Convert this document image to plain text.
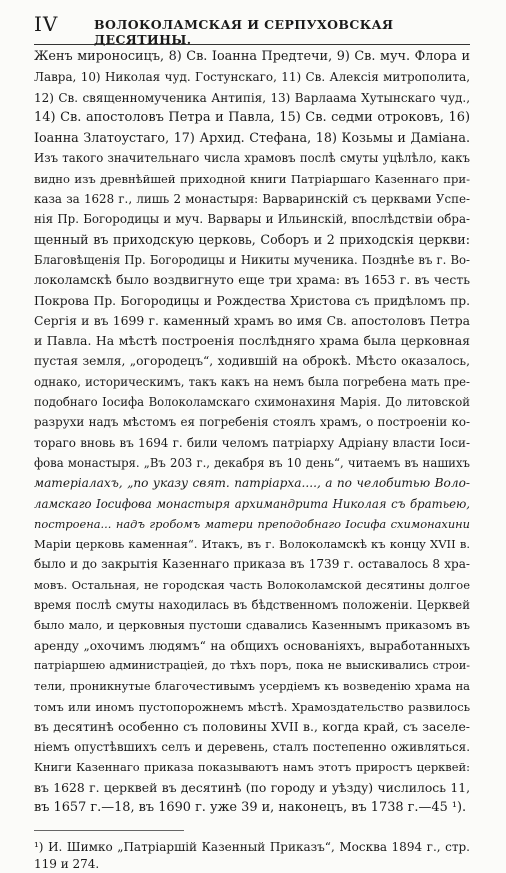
IV	ВОЛОКОЛАМСКАЯ И СЕРПУХОВСКАЯ ДЕСЯТИНЫ.
Женъ мироносицъ, 8) Св. Iоанна Предтечи, 9) Св. муч. Флора и
Лавра, 10) Николая чуд. Гостунскаго, 11) Св. Алексія митрополита,
12) Св. священномученика Антипія, 13) Варлаама Хутынскаго чуд.,
14) Св. апостоловъ Петра и Павла, 15) Св. седми отроковъ, 16)
Iоанна Златоустаго, 17) Архид. Стефана, 18) Козьмы и Даміана.
Изъ такого значительнаго числа храмовъ послѣ смуты уцѣлѣло, какъ
видно изъ древнѣйшей приходной книги Патріаршаго Казеннаго при-
каза за 1628 г., лишь 2 монастыря: Варваринскій съ церквами Успе-
нія Пр. Богородицы и муч. Варвары и Ильинскій, впослѣдствіи обра-
щенный въ приходскую церковь, Соборъ и 2 приходскія церкви:
Благовѣщенія Пр. Богородицы и Никиты мученика. Позднѣе въ г. Во-
локоламскѣ было воздвигнуто еще три храма: въ 1653 г. въ честь
Покрова Пр. Богородицы и Рождества Христова съ придѣломъ пр.
Сергія и въ 1699 г. каменный храмъ во имя Св. апостоловъ Петра
и Павла. На мѣстѣ построенія послѣдняго храма была церковная
пустая земля, „огородецъ“, ходившій на оброкѣ. Мѣсто оказалось,
однако, историческимъ, такъ какъ на немъ была погребена мать пре-
подобнаго Iосифа Волоколамскаго схимонахиня Марія. До литовской
разрухи надъ мѣстомъ ея погребенія стоялъ храмъ, о построеніи ко-
тораго вновь въ 1694 г. били челомъ патріарху Адріану власти Iоси-
фова монастыря. „Въ 203 г., декабря въ 10 день“, читаемъ въ нашихъ
матеріалахъ, „по указу свят. патріарха...., а по челобитью Воло-
ламскаго Iосифова монастыря архимандрита Николая съ братьею,
построена... надъ гробомъ матери преподобнаго Iосифа схимонахини
Маріи церковь каменная“. Итакъ, въ г. Волоколамскѣ къ концу XVII в.
было и до закрытія Казеннаго приказа въ 1739 г. оставалось 8 хра-
мовъ. Остальная, не городская часть Волоколамской десятины долгое
время послѣ смуты находилась въ бѣдственномъ положеніи. Церквей
было мало, и церковныя пустоши сдавались Казеннымъ приказомъ въ
аренду „охочимъ людямъ“ на общихъ основаніяхъ, выработанныхъ
патріаршею администраціей, до тѣхъ поръ, пока не выискивались строи-
тели, проникнутые благочестивымъ усердіемъ къ возведенію храма на
томъ или иномъ пустопорожнемъ мѣстѣ. Храмоздательство развилось
въ десятинѣ особенно съ половины XVII в., когда край, съ заселе-
ніемъ опустѣвшихъ селъ и деревень, сталъ постепенно оживляться.
Книги Казеннаго приказа показываютъ намъ этотъ приростъ церквей:
въ 1628 г. церквей въ десятинѣ (по городу и уѣзду) числилось 11,
въ 1657 г.—18, въ 1690 г. уже 39 и, наконецъ, въ 1738 г.—45 ¹).
¹) И. Шимко „Патріаршій Казенный Приказъ“, Москва 1894 г., стр.
119 и 274.
